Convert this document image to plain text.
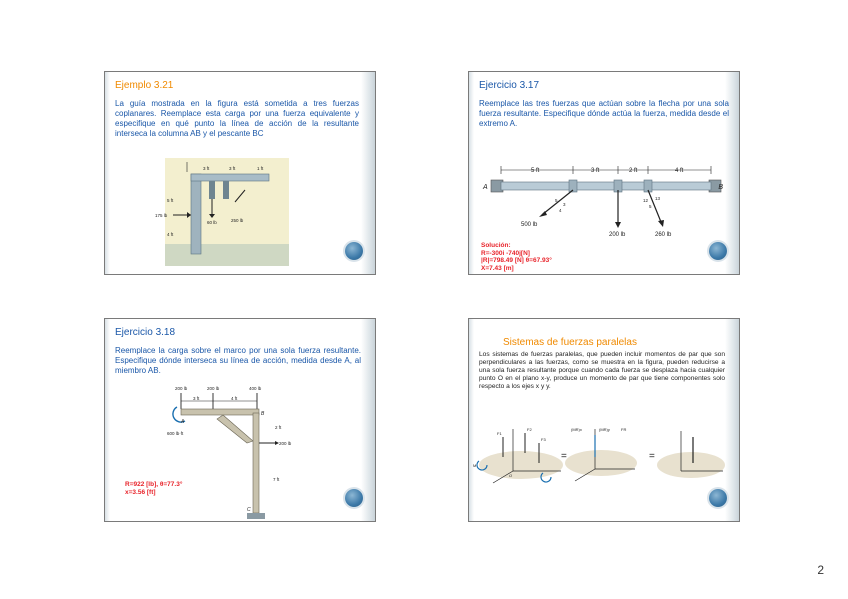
Ejemplo 3.21
La guía mostrada en la figura está sometida a tres fuerzas coplanares. Reemplace esta carga por una fuerza equivalente y especifique en qué punto la línea de acción de la resultante interseca la columna AB y el pescante BC
3 ft	3 ft	1 ft
60 lb	250 lb
175 lb
5 ft
4 ft
Ejercicio 3.17
Reemplace las tres fuerzas que actúan sobre la flecha por una sola fuerza resultante. Especifique dónde actúa la fuerza, medida desde el extremo A.
5 ft	3 ft	2 ft	4 ft
A	B
500 lb
200 lb	260 lb
5
3
4
12 13
5
Solución:
R=-300i -740j[N]
|R|=798.49 [N] θ=67.93°
X=7.43 [m]
Ejercicio 3.18
Reemplace la carga sobre el marco por una sola fuerza resultante. Especifique dónde interseca su línea de acción, medida desde A, al miembro AB.
200 lb	200 lb	400 lb
3 ft	4 ft
A
B
C
600 lb·ft
2 ft
200 lb
7 ft
R=922 [lb], θ=77.3°
x=3.56 [ft]
Sistemas de fuerzas paralelas
Los sistemas de fuerzas paralelas, que pueden incluir momentos de par que son perpendiculares a las fuerzas, como se muestra en la figura, pueden reducirse a una sola fuerza resultante porque cuando cada fuerza se desplaza hacia cualquier punto O en el plano x-y, produce un momento de par que tiene componentes solo respecto a los ejes x y y.
F1
F2
F3
M
O
=
(MR)x	(MR)y	FR
=
2
